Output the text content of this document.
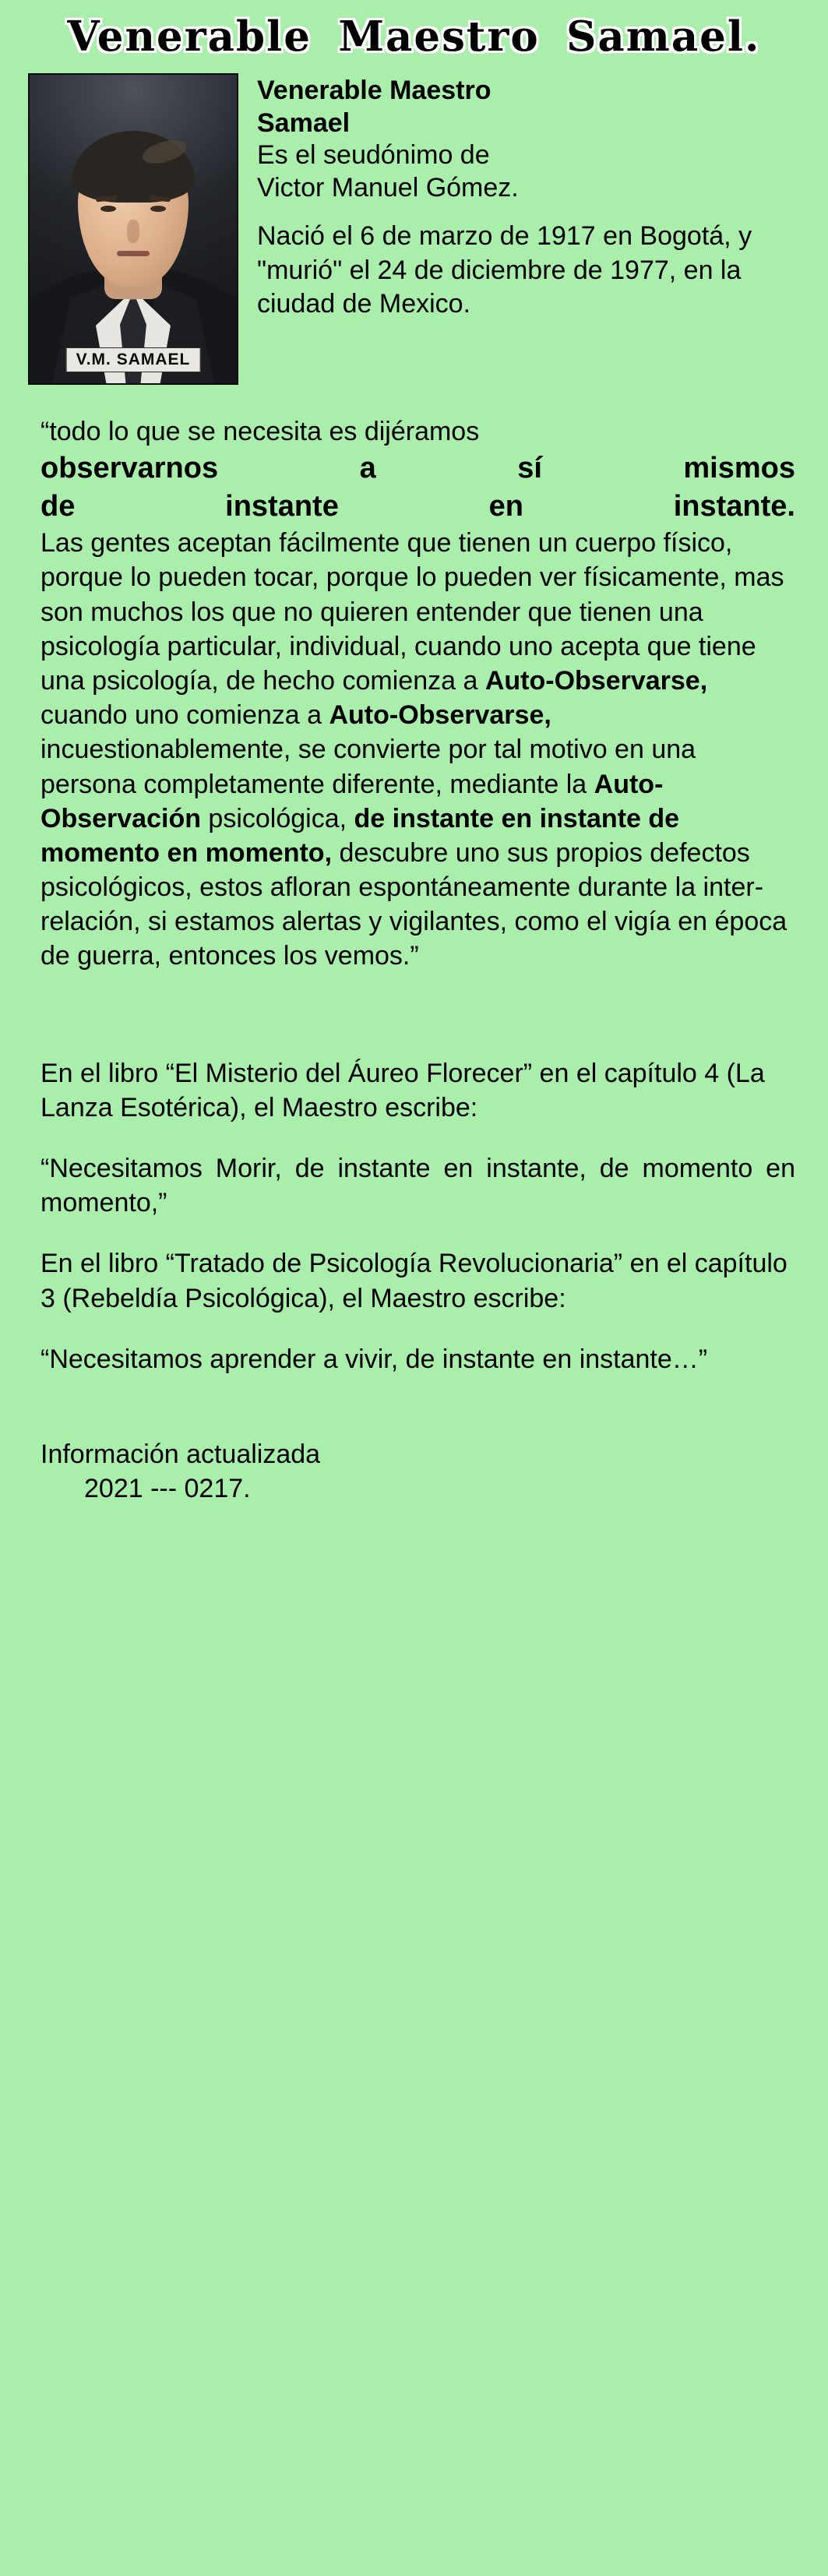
Venerable Maestro Samael.
V.M. SAMAEL
Venerable Maestro
Samael
Es el seudónimo de
Victor Manuel Gómez.
Nació el 6 de marzo de 1917 en Bogotá, y "murió" el 24 de diciembre de 1977, en la ciudad de Mexico.
“todo lo que se necesita es dijéramos
observarnos a sí mismos
de instante en instante.
Las gentes aceptan fácilmente que tienen un cuerpo físico, porque lo pueden tocar, porque lo pueden ver físicamente, mas son muchos los que no quieren entender que tienen una psicología particular, individual, cuando uno acepta que tiene una psicología, de hecho comienza a Auto-Observarse, cuando uno comienza a Auto-Observarse, incuestionablemente, se convierte por tal motivo en una persona completamente diferente, mediante la Auto-Observación psicológica, de instante en instante de momento en momento, descubre uno sus propios defectos psicológicos, estos afloran espontáneamente durante la inter-relación, si estamos alertas y vigilantes, como el vigía en época de guerra, entonces los vemos.”
En el libro “El Misterio del Áureo Florecer” en el capítulo 4 (La Lanza Esotérica), el Maestro escribe:
“Necesitamos Morir, de instante en instante, de momento en momento,”
En el libro “Tratado de Psicología Revolucionaria” en el capítulo 3 (Rebeldía Psicológica), el Maestro escribe:
“Necesitamos aprender a vivir, de instante en instante…”
Información actualizada
2021 --- 0217.
